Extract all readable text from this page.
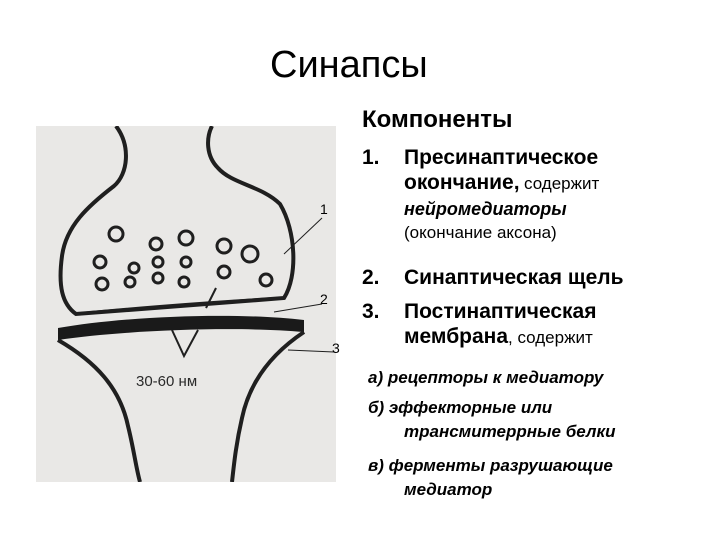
Синапсы
30-60 нм
1
2
3
Компоненты
1. Пресинаптическое
окончание, содержит
нейромедиаторы
(окончание аксона)
2. Синаптическая щель
3. Постинаптическая
мембрана, содержит
а) рецепторы к медиатору
б) эффекторные или
трансмитеррные белки
в) ферменты разрушающие
медиатор
